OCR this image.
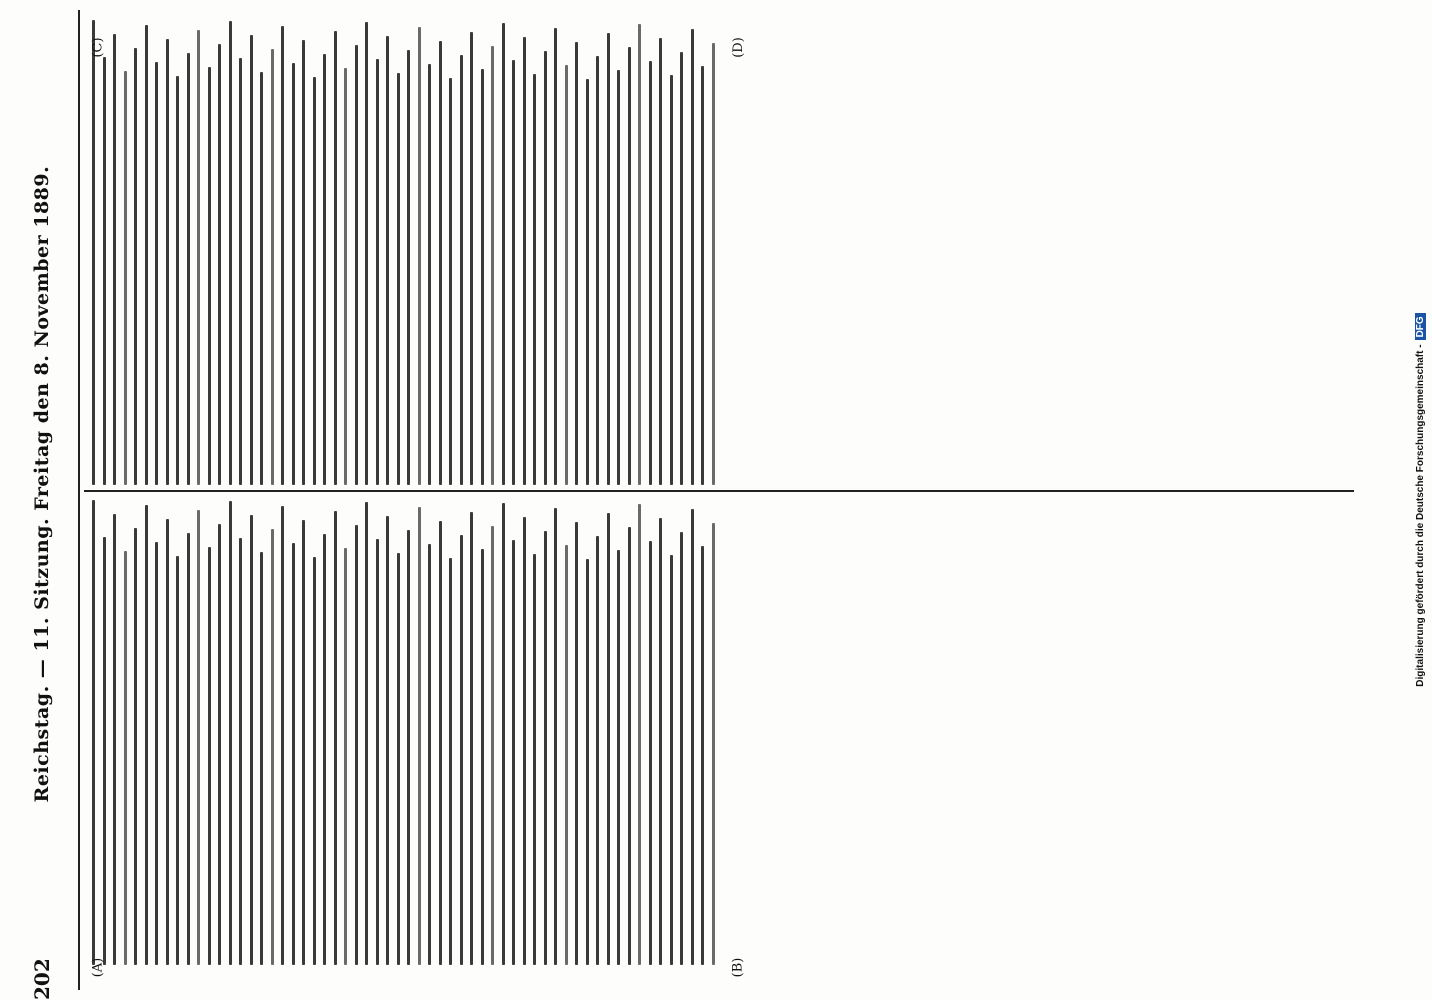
202
Reichstag. — 11. Sitzung. Freitag den 8. November 1889.
(A)	(B)
(C)	(D)
Digitalisierung gefördert durch die Deutsche Forschungsgemeinschaft -DFG
